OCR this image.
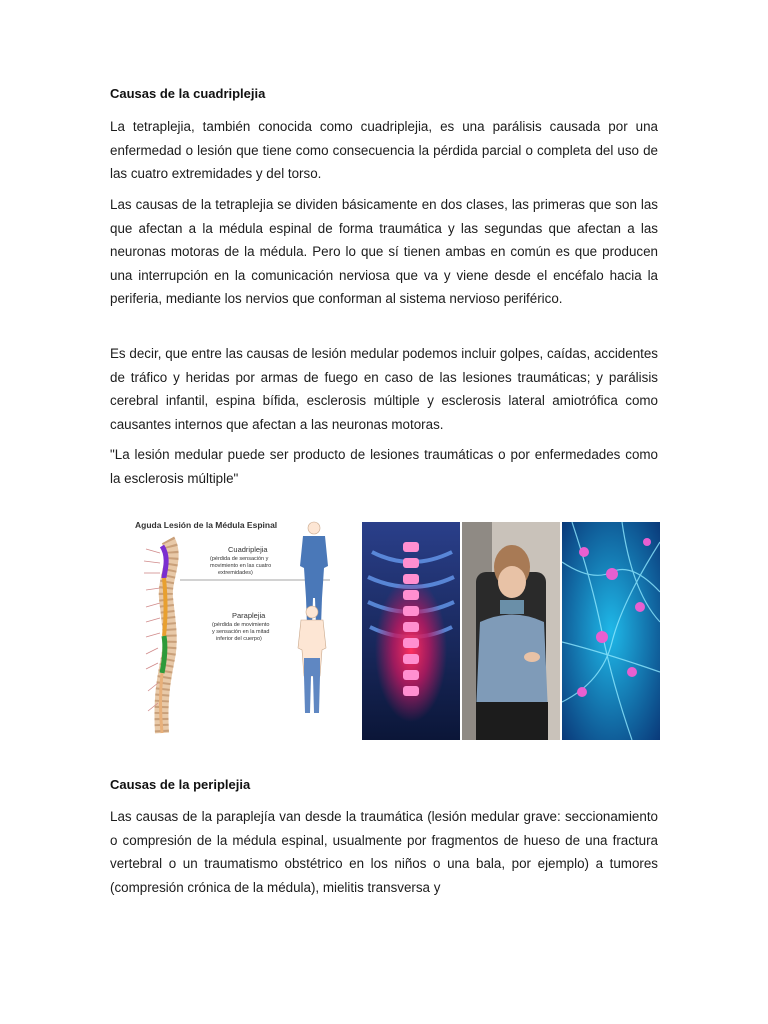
Causas de la cuadriplejia

La tetraplejia, también conocida como cuadriplejia, es una parálisis causada por una enfermedad o lesión que tiene como consecuencia la pérdida parcial o completa del uso de las cuatro extremidades y del torso.

Las causas de la tetraplejia se dividen básicamente en dos clases, las primeras que son las que afectan a la médula espinal de forma traumática y las segundas que afectan a las neuronas motoras de la médula. Pero lo que sí tienen ambas en común es que producen una interrupción en la comunicación nerviosa que va y viene desde el encéfalo hacia la periferia, mediante los nervios que conforman al sistema nervioso periférico.

Es decir, que entre las causas de lesión medular podemos incluir golpes, caídas, accidentes de tráfico y heridas por armas de fuego en caso de las lesiones traumáticas; y parálisis cerebral infantil, espina bífida, esclerosis múltiple y esclerosis lateral amiotrófica como causantes internos que afectan a las neuronas motoras.

"La lesión medular puede ser producto de lesiones traumáticas o por enfermedades como la esclerosis múltiple"

Causas de la periplejia

Las causas de la paraplejía van desde la traumática (lesión medular grave: seccionamiento o compresión de la médula espinal, usualmente por fragmentos de hueso de una fractura vertebral o un traumatismo obstétrico en los niños o una bala, por ejemplo) a tumores (compresión crónica de la médula), mielitis transversa y

Aguda Lesión de la Médula Espinal
Cuadriplejia
(pérdida de sensación y
movimiento en las cuatro
extremidades)
Paraplejia
(pérdida de movimiento
y sensación en la mitad
inferior del cuerpo)
